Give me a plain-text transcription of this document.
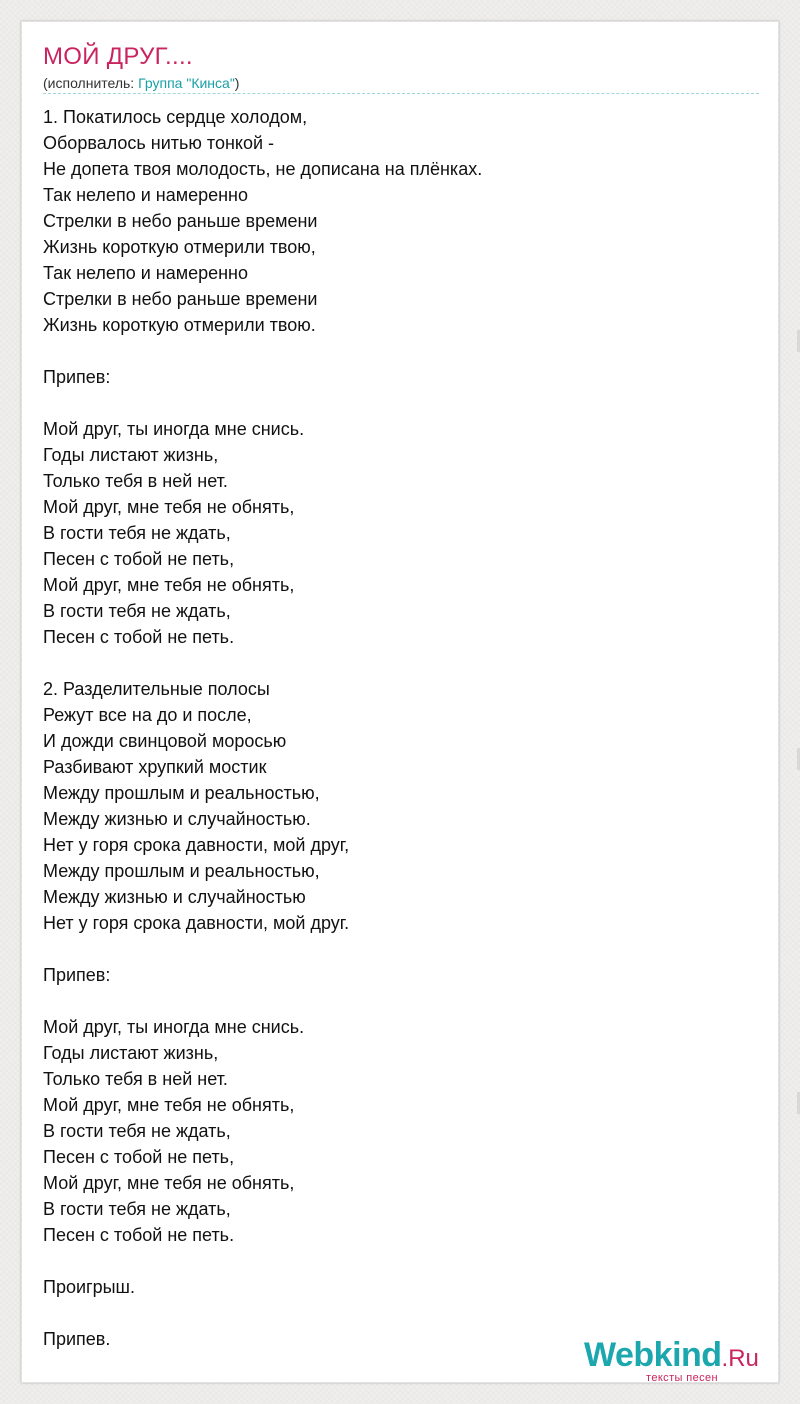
МОЙ ДРУГ....
(исполнитель: Группа "Кинса")
1. Покатилось сердце холодом,
Оборвалось нитью тонкой -
Не допета твоя молодость, не дописана на плёнках.
Так нелепо и намеренно
Стрелки в небо раньше времени
Жизнь короткую отмерили твою,
Так нелепо и намеренно
Стрелки в небо раньше времени
Жизнь короткую отмерили твою.
Припев:
Мой друг, ты иногда мне снись.
Годы листают жизнь,
Только тебя в ней нет.
Мой друг, мне тебя не обнять,
В гости тебя не ждать,
Песен с тобой не петь,
Мой друг, мне тебя не обнять,
В гости тебя не ждать,
Песен с тобой не петь.
2. Разделительные полосы
Режут все на до и после,
И дожди свинцовой моросью
Разбивают хрупкий мостик
Между прошлым и реальностью,
Между жизнью и случайностью.
Нет у горя срока давности, мой друг,
Между прошлым и реальностью,
Между жизнью и случайностью
Нет у горя срока давности, мой друг.
Припев:
Мой друг, ты иногда мне снись.
Годы листают жизнь,
Только тебя в ней нет.
Мой друг, мне тебя не обнять,
В гости тебя не ждать,
Песен с тобой не петь,
Мой друг, мне тебя не обнять,
В гости тебя не ждать,
Песен с тобой не петь.
Проигрыш.
Припев.	Webkind.Ru
тексты песен
